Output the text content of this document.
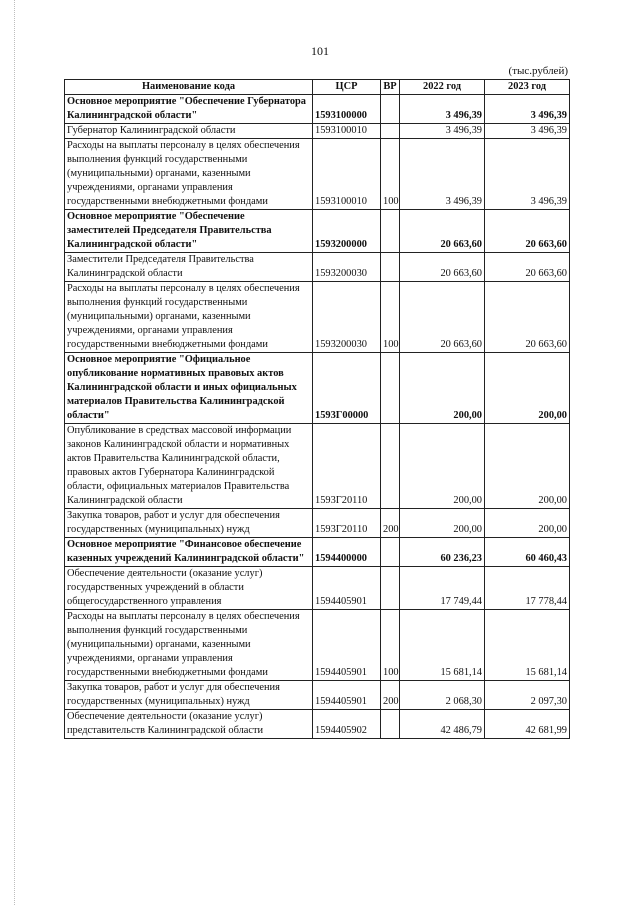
101
(тыс.рублей)
Наименование кода	ЦСР	ВР	2022 год	2023 год
Основное мероприятие "Обеспечение Губернатора Калининградской области"	1593100000		3 496,39	3 496,39
Губернатор Калининградской области	1593100010		3 496,39	3 496,39
Расходы на выплаты персоналу в целях обеспечения выполнения функций государственными (муниципальными) органами, казенными учреждениями, органами управления государственными внебюджетными фондами	1593100010	100	3 496,39	3 496,39
Основное мероприятие "Обеспечение заместителей Председателя Правительства Калининградской области"	1593200000		20 663,60	20 663,60
Заместители Председателя Правительства Калининградской области	1593200030		20 663,60	20 663,60
Расходы на выплаты персоналу в целях обеспечения выполнения функций государственными (муниципальными) органами, казенными учреждениями, органами управления государственными внебюджетными фондами	1593200030	100	20 663,60	20 663,60
Основное мероприятие "Официальное опубликование нормативных правовых актов Калининградской области и иных официальных материалов Правительства Калининградской области"	1593Г00000		200,00	200,00
Опубликование в средствах массовой информации законов Калининградской области и нормативных актов Правительства Калининградской области, правовых актов Губернатора Калининградской области, официальных материалов Правительства Калининградской области	1593Г20110		200,00	200,00
Закупка товаров, работ и услуг для обеспечения государственных (муниципальных) нужд	1593Г20110	200	200,00	200,00
Основное мероприятие "Финансовое обеспечение казенных учреждений Калининградской области"	1594400000		60 236,23	60 460,43
Обеспечение деятельности (оказание услуг) государственных учреждений в области общегосударственного управления	1594405901		17 749,44	17 778,44
Расходы на выплаты персоналу в целях обеспечения выполнения функций государственными (муниципальными) органами, казенными учреждениями, органами управления государственными внебюджетными фондами	1594405901	100	15 681,14	15 681,14
Закупка товаров, работ и услуг для обеспечения государственных (муниципальных) нужд	1594405901	200	2 068,30	2 097,30
Обеспечение деятельности (оказание услуг) представительств Калининградской области	1594405902		42 486,79	42 681,99
